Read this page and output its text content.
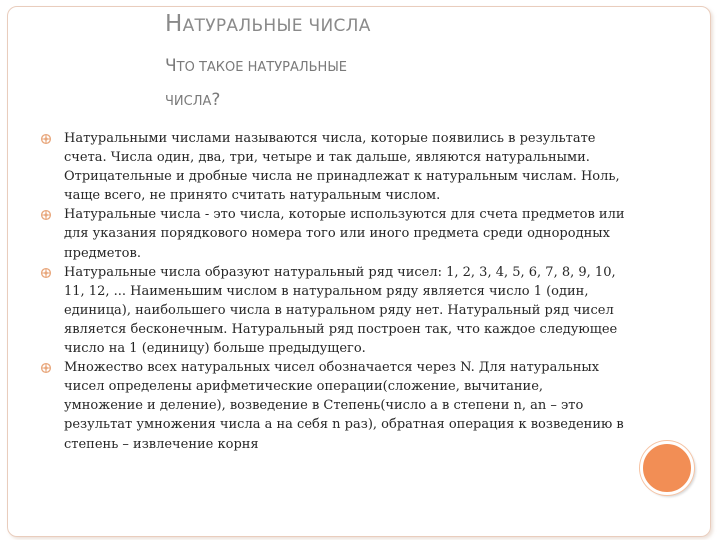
НАТУРАЛЬНЫЕ ЧИСЛА
ЧТО ТАКОЕ НАТУРАЛЬНЫЕ
ЧИСЛА?
Натуральными числами называются числа, которые появились в результате счета. Числа один, два, три, четыре и так дальше, являются натуральными. Отрицательные и дробные числа не принадлежат к натуральным числам. Ноль, чаще всего, не принято считать натуральным числом.
Натуральные числа - это числа, которые используются для счета предметов или для указания порядкового номера того или иного предмета среди однородных предметов.
Натуральные числа образуют натуральный ряд чисел: 1, 2, 3, 4, 5, 6, 7, 8, 9, 10, 11, 12, ... Наименьшим числом в натуральном ряду является число 1 (один, единица), наибольшего числа в натуральном ряду нет. Натуральный ряд чисел является бесконечным. Натуральный ряд построен так, что каждое следующее число на 1 (единицу) больше предыдущего.
Множество всех натуральных чисел обозначается через N. Для натуральных чисел определены арифметические операции(сложение, вычитание, умножение и деление), возведение в Степень(число а в степени n, an – это результат умножения числа a на себя n раз), обратная операция к возведению в степень – извлечение корня
